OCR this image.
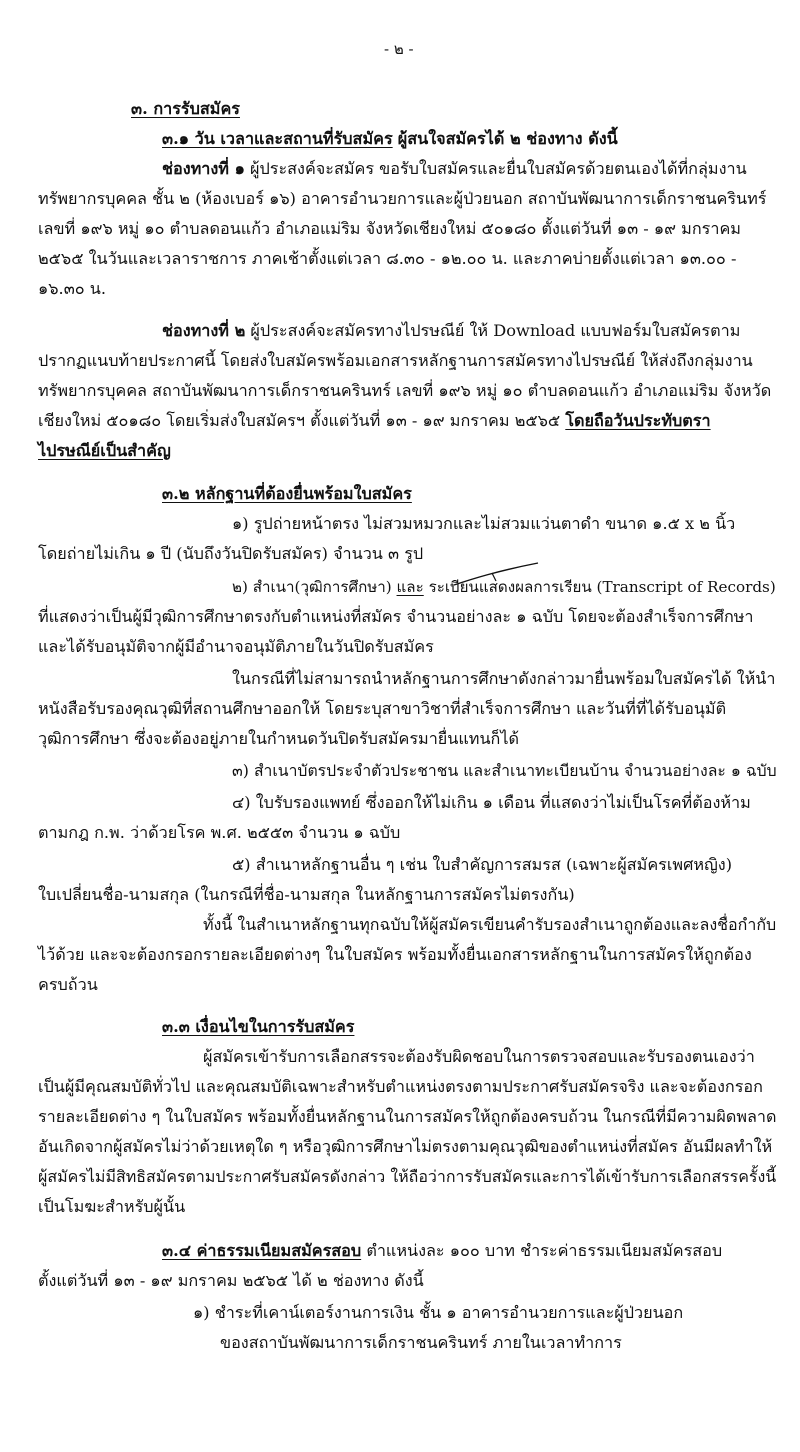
- ๒ -

๓. การรับสมัคร

๓.๑ วัน เวลาและสถานที่รับสมัคร ผู้สนใจสมัครได้ ๒ ช่องทาง ดังนี้

ช่องทางที่ ๑ ผู้ประสงค์จะสมัคร ขอรับใบสมัครและยื่นใบสมัครด้วยตนเองได้ที่กลุ่มงาน

ทรัพยากรบุคคล ชั้น ๒ (ห้องเบอร์ ๑๖) อาคารอำนวยการและผู้ป่วยนอก สถาบันพัฒนาการเด็กราชนครินทร์

เลขที่ ๑๙๖ หมู่ ๑๐ ตำบลดอนแก้ว อำเภอแม่ริม จังหวัดเชียงใหม่ ๕๐๑๘๐ ตั้งแต่วันที่ ๑๓ - ๑๙ มกราคม

๒๕๖๕ ในวันและเวลาราชการ ภาคเช้าตั้งแต่เวลา ๘.๓๐ - ๑๒.๐๐ น. และภาคบ่ายตั้งแต่เวลา ๑๓.๐๐ -

๑๖.๓๐ น.

ช่องทางที่ ๒ ผู้ประสงค์จะสมัครทางไปรษณีย์ ให้ Download แบบฟอร์มใบสมัครตาม

ปรากฏแนบท้ายประกาศนี้ โดยส่งใบสมัครพร้อมเอกสารหลักฐานการสมัครทางไปรษณีย์ ให้ส่งถึงกลุ่มงาน

ทรัพยากรบุคคล สถาบันพัฒนาการเด็กราชนครินทร์ เลขที่ ๑๙๖ หมู่ ๑๐ ตำบลดอนแก้ว อำเภอแม่ริม จังหวัด

เชียงใหม่ ๕๐๑๘๐ โดยเริ่มส่งใบสมัครฯ ตั้งแต่วันที่ ๑๓ - ๑๙ มกราคม ๒๕๖๕ โดยถือวันประทับตรา

ไปรษณีย์เป็นสำคัญ

๓.๒ หลักฐานที่ต้องยื่นพร้อมใบสมัคร

๑) รูปถ่ายหน้าตรง ไม่สวมหมวกและไม่สวมแว่นตาดำ ขนาด ๑.๕ x ๒ นิ้ว

โดยถ่ายไม่เกิน ๑ ปี (นับถึงวันปิดรับสมัคร) จำนวน ๓ รูป

๒) สำเนา(วุฒิการศึกษา) และ ระเบียนแสดงผลการเรียน (Transcript of Records)

ที่แสดงว่าเป็นผู้มีวุฒิการศึกษาตรงกับตำแหน่งที่สมัคร จำนวนอย่างละ ๑ ฉบับ โดยจะต้องสำเร็จการศึกษา

และได้รับอนุมัติจากผู้มีอำนาจอนุมัติภายในวันปิดรับสมัคร

ในกรณีที่ไม่สามารถนำหลักฐานการศึกษาดังกล่าวมายื่นพร้อมใบสมัครได้ ให้นำ

หนังสือรับรองคุณวุฒิที่สถานศึกษาออกให้ โดยระบุสาขาวิชาที่สำเร็จการศึกษา และวันที่ที่ได้รับอนุมัติ

วุฒิการศึกษา ซึ่งจะต้องอยู่ภายในกำหนดวันปิดรับสมัครมายื่นแทนก็ได้

๓) สำเนาบัตรประจำตัวประชาชน และสำเนาทะเบียนบ้าน จำนวนอย่างละ ๑ ฉบับ

๔) ใบรับรองแพทย์ ซึ่งออกให้ไม่เกิน ๑ เดือน ที่แสดงว่าไม่เป็นโรคที่ต้องห้าม

ตามกฎ ก.พ. ว่าด้วยโรค พ.ศ. ๒๕๕๓ จำนวน ๑ ฉบับ

๕) สำเนาหลักฐานอื่น ๆ เช่น ใบสำคัญการสมรส (เฉพาะผู้สมัครเพศหญิง)

ใบเปลี่ยนชื่อ-นามสกุล (ในกรณีที่ชื่อ-นามสกุล ในหลักฐานการสมัครไม่ตรงกัน)

ทั้งนี้ ในสำเนาหลักฐานทุกฉบับให้ผู้สมัครเขียนคำรับรองสำเนาถูกต้องและลงชื่อกำกับ

ไว้ด้วย และจะต้องกรอกรายละเอียดต่างๆ ในใบสมัคร พร้อมทั้งยื่นเอกสารหลักฐานในการสมัครให้ถูกต้อง

ครบถ้วน

๓.๓ เงื่อนไขในการรับสมัคร

ผู้สมัครเข้ารับการเลือกสรรจะต้องรับผิดชอบในการตรวจสอบและรับรองตนเองว่า

เป็นผู้มีคุณสมบัติทั่วไป และคุณสมบัติเฉพาะสำหรับตำแหน่งตรงตามประกาศรับสมัครจริง และจะต้องกรอก

รายละเอียดต่าง ๆ ในใบสมัคร พร้อมทั้งยื่นหลักฐานในการสมัครให้ถูกต้องครบถ้วน ในกรณีที่มีความผิดพลาด

อันเกิดจากผู้สมัครไม่ว่าด้วยเหตุใด ๆ หรือวุฒิการศึกษาไม่ตรงตามคุณวุฒิของตำแหน่งที่สมัคร อันมีผลทำให้

ผู้สมัครไม่มีสิทธิสมัครตามประกาศรับสมัครดังกล่าว ให้ถือว่าการรับสมัครและการได้เข้ารับการเลือกสรรครั้งนี้

เป็นโมฆะสำหรับผู้นั้น

๓.๔ ค่าธรรมเนียมสมัครสอบ ตำแหน่งละ ๑๐๐ บาท ชำระค่าธรรมเนียมสมัครสอบ

ตั้งแต่วันที่ ๑๓ - ๑๙ มกราคม ๒๕๖๕ ได้ ๒ ช่องทาง ดังนี้

๑) ชำระที่เคาน์เตอร์งานการเงิน ชั้น ๑ อาคารอำนวยการและผู้ป่วยนอก

ของสถาบันพัฒนาการเด็กราชนครินทร์ ภายในเวลาทำการ
